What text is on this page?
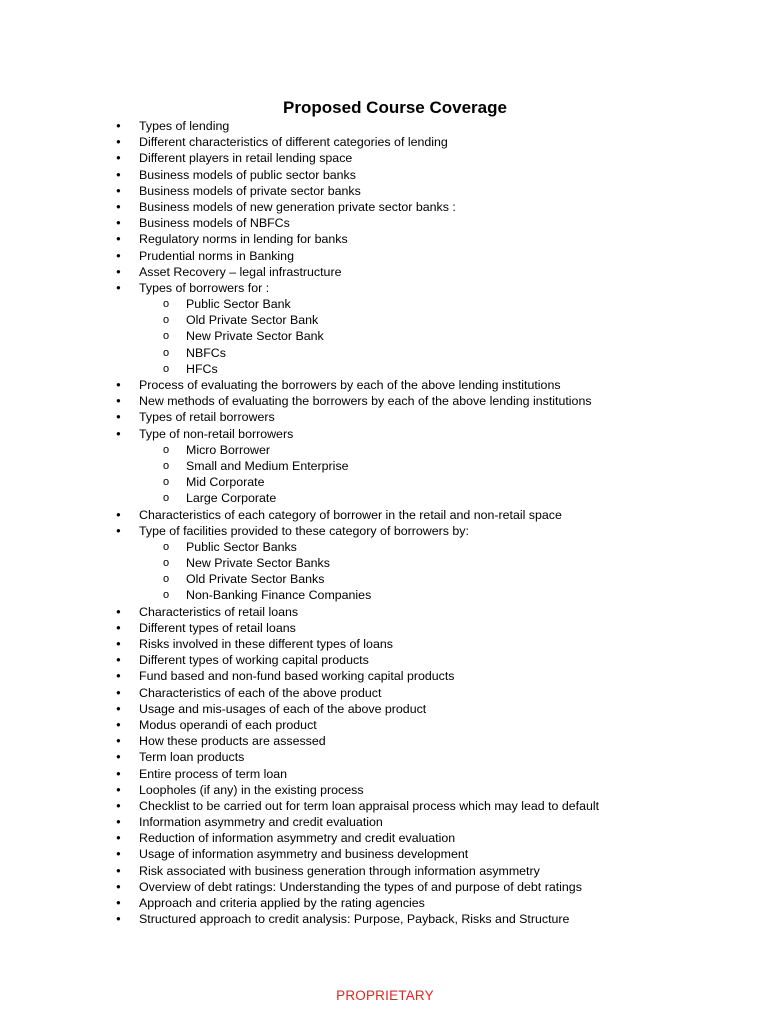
Proposed Course Coverage
● Types of lending
● Different characteristics of different categories of lending
● Different players in retail lending space
● Business models of public sector banks
● Business models of private sector banks
● Business models of new generation private sector banks :
● Business models of NBFCs
● Regulatory norms in lending for banks
● Prudential norms in Banking
● Asset Recovery – legal infrastructure
● Types of borrowers for :
o Public Sector Bank
o Old Private Sector Bank
o New Private Sector Bank
o NBFCs
o HFCs
● Process of evaluating the borrowers by each of the above lending institutions
● New methods of evaluating the borrowers by each of the above lending institutions
● Types of retail borrowers
● Type of non-retail borrowers
o Micro Borrower
o Small and Medium Enterprise
o Mid Corporate
o Large Corporate
● Characteristics of each category of borrower in the retail and non-retail space
● Type of facilities provided to these category of borrowers by:
o Public Sector Banks
o New Private Sector Banks
o Old Private Sector Banks
o Non-Banking Finance Companies
● Characteristics of retail loans
● Different types of retail loans
● Risks involved in these different types of loans
● Different types of working capital products
● Fund based and non-fund based working capital products
● Characteristics of each of the above product
● Usage and mis-usages of each of the above product
● Modus operandi of each product
● How these products are assessed
● Term loan products
● Entire process of term loan
● Loopholes (if any) in the existing process
● Checklist to be carried out for term loan appraisal process which may lead to default
● Information asymmetry and credit evaluation
● Reduction of information asymmetry and credit evaluation
● Usage of information asymmetry and business development
● Risk associated with business generation through information asymmetry
● Overview of debt ratings: Understanding the types of and purpose of debt ratings
● Approach and criteria applied by the rating agencies
● Structured approach to credit analysis: Purpose, Payback, Risks and Structure
PROPRIETARY
